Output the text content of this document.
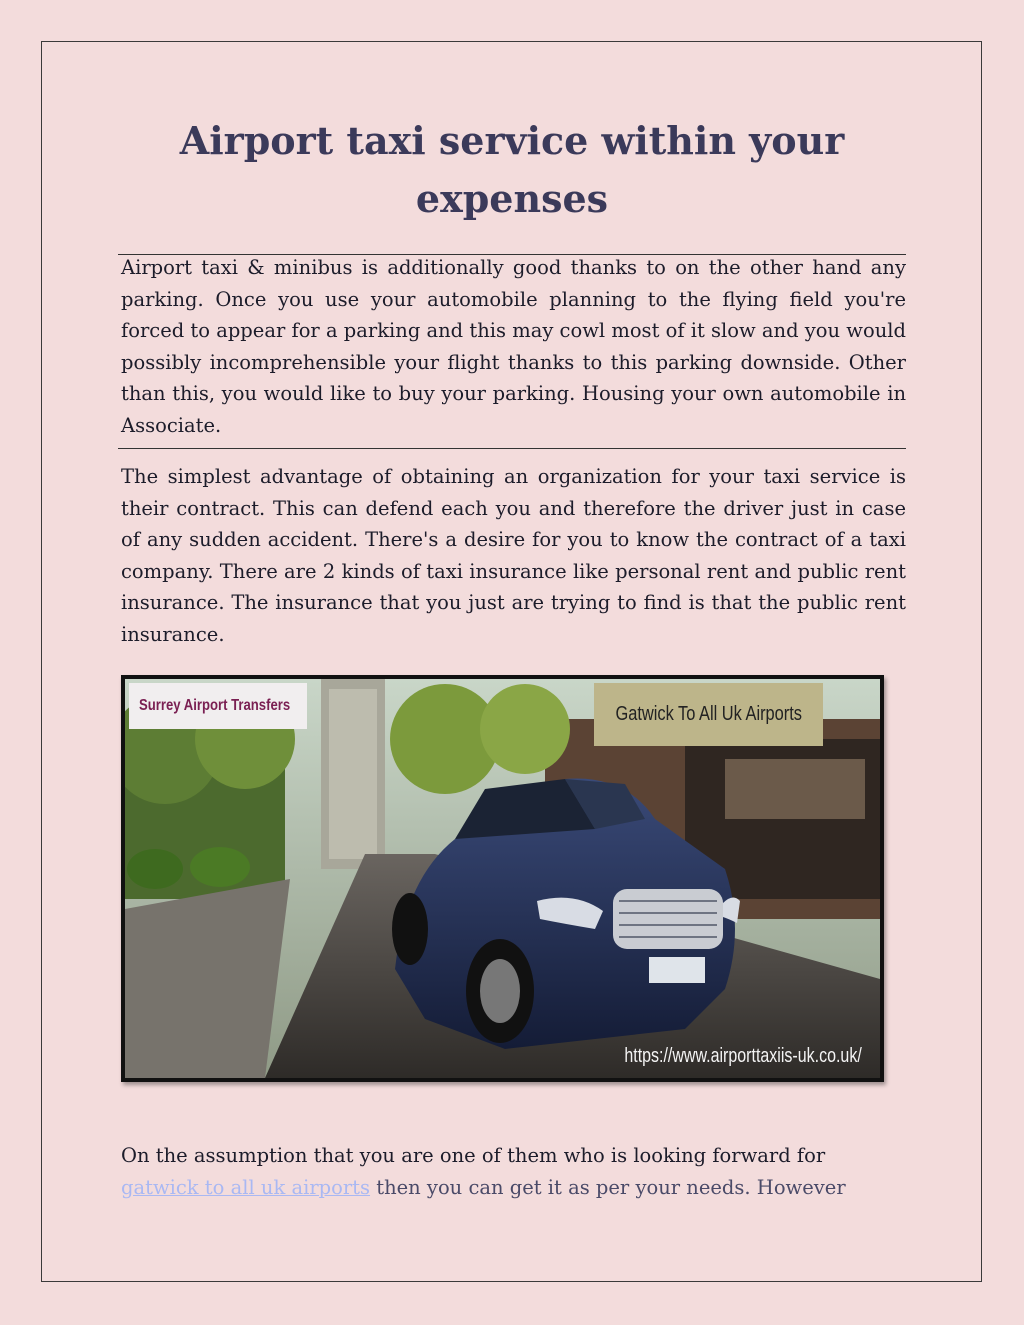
Airport taxi service within your
expenses

Airport taxi & minibus is additionally good thanks to on the other hand any parking. Once you use your automobile planning to the flying field you're forced to appear for a parking and this may cowl most of it slow and you would possibly incomprehensible your flight thanks to this parking downside. Other than this, you would like to buy your parking. Housing your own automobile in Associate.

The simplest advantage of obtaining an organization for your taxi service is their contract. This can defend each you and therefore the driver just in case of any sudden accident. There's a desire for you to know the contract of a taxi company. There are 2 kinds of taxi insurance like personal rent and public rent insurance. The insurance that you just are trying to find is that the public rent insurance.

Surrey Airport Transfers	Gatwick To All Uk Airports
https://www.airporttaxiis-uk.co.uk/

On the assumption that you are one of them who is looking forward for
gatwick to all uk airports then you can get it as per your needs. However
